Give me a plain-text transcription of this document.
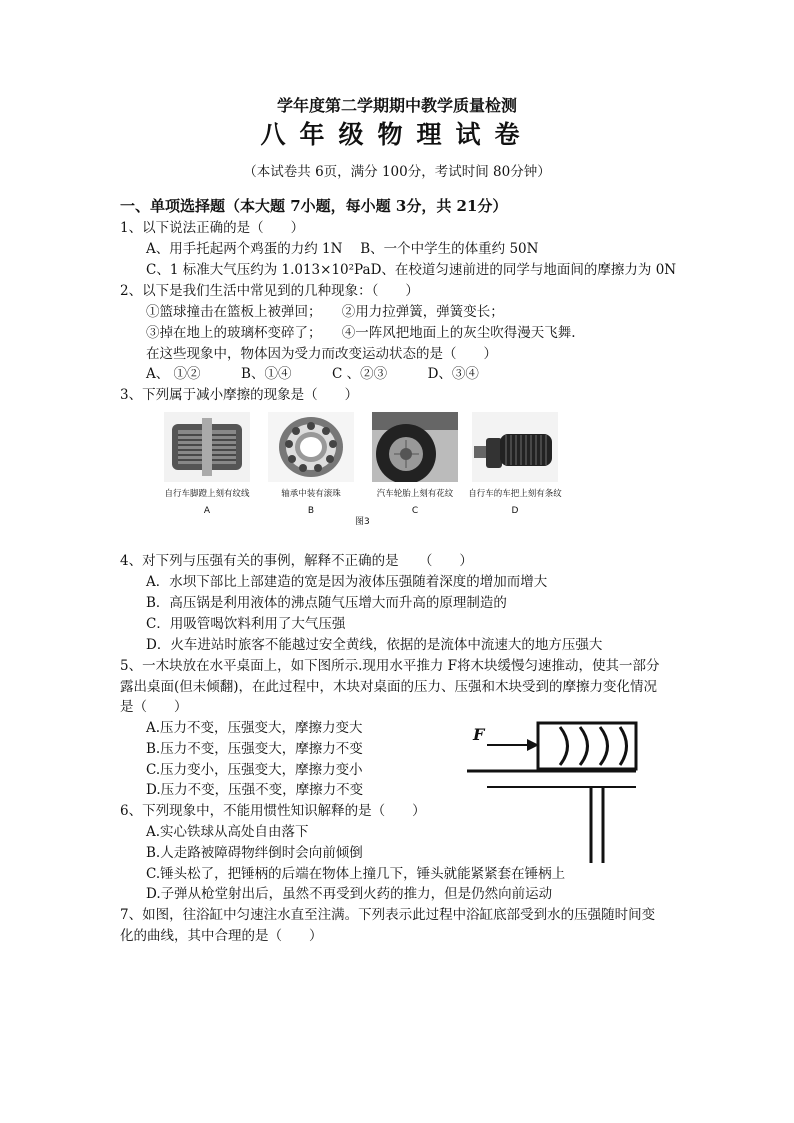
学年度第二学期期中教学质量检测
八年级物理试卷
（本试卷共 6页，满分 100分，考试时间 80分钟）
一、单项选择题（本大题 7小题，每小题 3分，共 21分）
1、以下说法正确的是（　　）
A、用手托起两个鸡蛋的力约 1N　 B、一个中学生的体重约 50N
C、1 标准大气压约为 1.013×10²PaD、在校道匀速前进的同学与地面间的摩擦力为 0N
2、以下是我们生活中常见到的几种现象：（　　）
①篮球撞击在篮板上被弹回；　　②用力拉弹簧，弹簧变长；
③掉在地上的玻璃杯变碎了；　　④一阵风把地面上的灰尘吹得漫天飞舞.
在这些现象中，物体因为受力而改变运动状态的是（　　）
A、 ①②　　　B、①④　　　C 、②③　　　D、③④
3、下列属于减小摩擦的现象是（　　）
自行车脚蹬上刻有纹线
A
轴承中装有滚珠
B
汽车轮胎上刻有花纹
C
自行车的车把上刻有条纹
D
图3
4、对下列与压强有关的事例，解释不正确的是　　（　　）
A．水坝下部比上部建造的宽是因为液体压强随着深度的增加而增大
B．高压锅是利用液体的沸点随气压增大而升高的原理制造的
C．用吸管喝饮料利用了大气压强
D．火车进站时旅客不能越过安全黄线，依据的是流体中流速大的地方压强大
5、一木块放在水平桌面上，如下图所示.现用水平推力 F将木块缓慢匀速推动，使其一部分
露出桌面(但未倾翻)，在此过程中，木块对桌面的压力、压强和木块受到的摩擦力变化情况
是（　　）
A.压力不变，压强变大，摩擦力变大
B.压力不变，压强变大，摩擦力不变
C.压力变小，压强变大，摩擦力变小
D.压力不变，压强不变，摩擦力不变
F
6、下列现象中，不能用惯性知识解释的是（　　）
A.实心铁球从高处自由落下
B.人走路被障碍物绊倒时会向前倾倒
C.锤头松了，把锤柄的后端在物体上撞几下，锤头就能紧紧套在锤柄上
D.子弹从枪堂射出后，虽然不再受到火药的推力，但是仍然向前运动
7、如图，往浴缸中匀速注水直至注满。下列表示此过程中浴缸底部受到水的压强随时间变
化的曲线，其中合理的是（　　）
